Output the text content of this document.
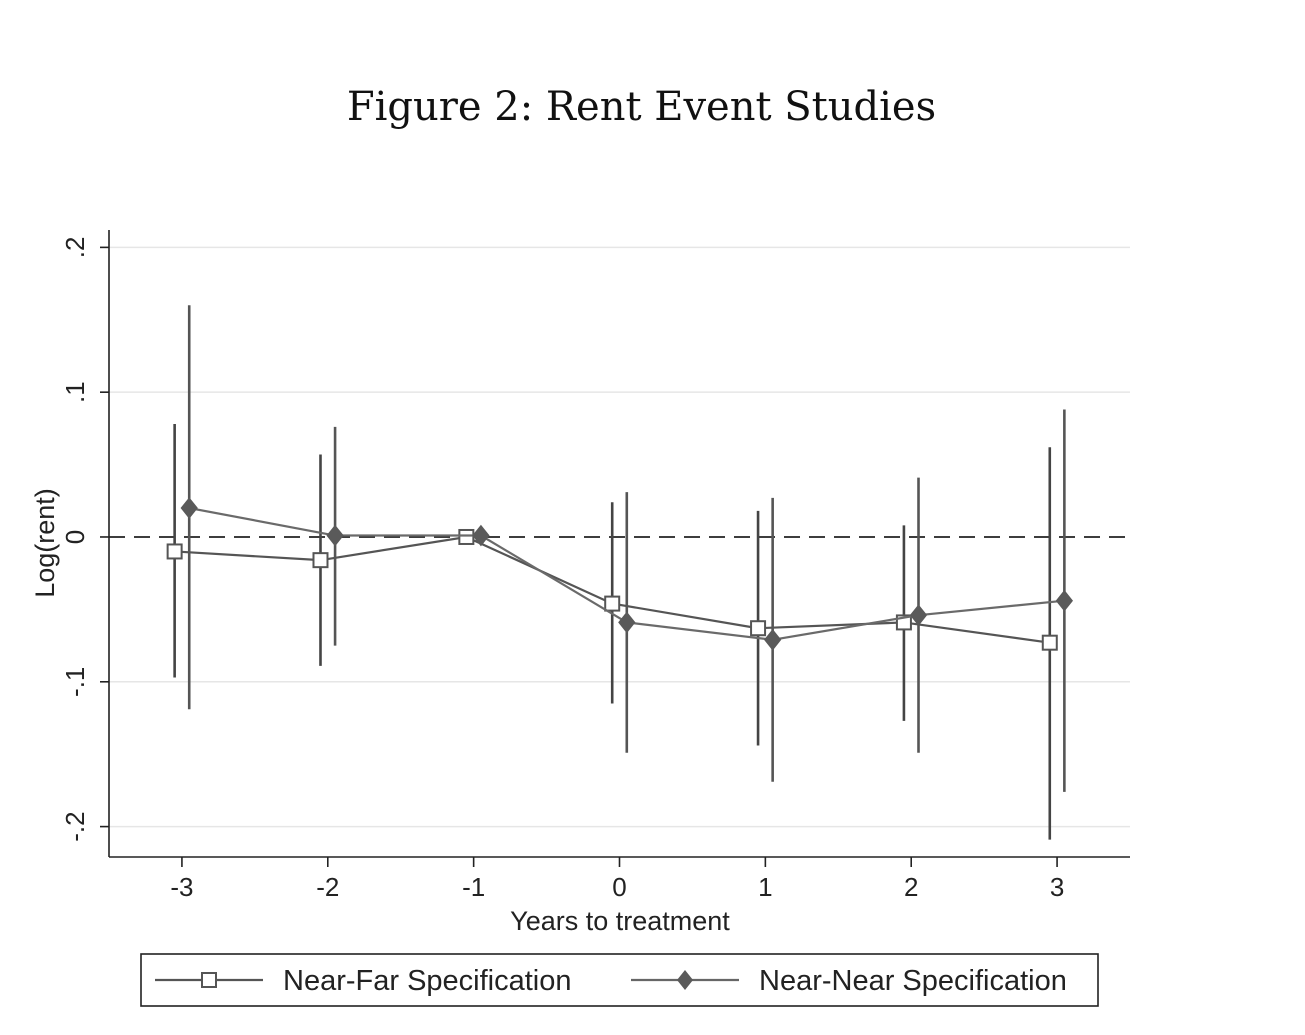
Figure 2: Rent Event Studies
.2
.1
0
-.1
-.2
-3	-2	-1	0	1	2	3
Years to treatment
Log(rent)
Near-Far Specification	Near-Near Specification
